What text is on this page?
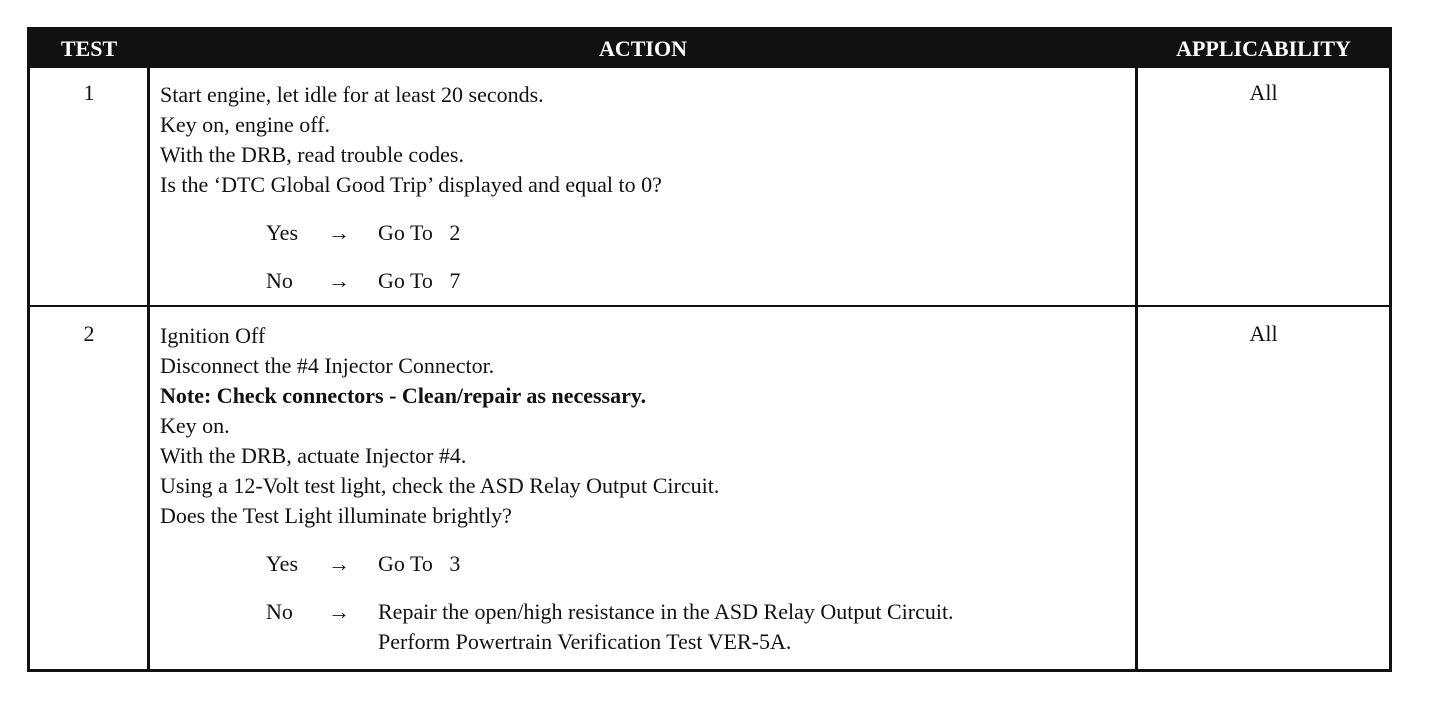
TEST	ACTION	APPLICABILITY
1	Start engine, let idle for at least 20 seconds.
Key on, engine off.
With the DRB, read trouble codes.
Is the ‘DTC Global Good Trip’ displayed and equal to 0?
Yes	→	Go To   2
No	→	Go To   7
All
2	Ignition Off
Disconnect the #4 Injector Connector.
Note: Check connectors - Clean/repair as necessary.
Key on.
With the DRB, actuate Injector #4.
Using a 12-Volt test light, check the ASD Relay Output Circuit.
Does the Test Light illuminate brightly?
Yes	→	Go To   3
No	→	Repair the open/high resistance in the ASD Relay Output Circuit.
Perform Powertrain Verification Test VER-5A.
All
